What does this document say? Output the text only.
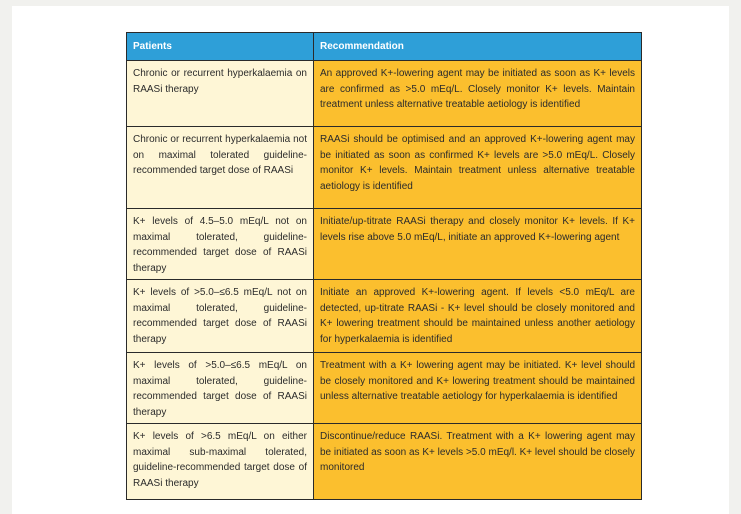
Patients	Recommendation
Chronic or recurrent hyperkalaemia on RAASi therapy	An approved K+-lowering agent may be initiated as soon as K+ levels are confirmed as >5.0 mEq/L. Closely monitor K+ levels. Maintain treatment unless alternative treatable aetiology is identified
Chronic or recurrent hyperkalaemia not on maximal tolerated guideline-recommended target dose of RAASi	RAASi should be optimised and an approved K+-lowering agent may be initiated as soon as confirmed K+ levels are >5.0 mEq/L. Closely monitor K+ levels. Maintain treatment unless alternative treatable aetiology is identified
K+ levels of 4.5–5.0 mEq/L not on maximal tolerated, guideline-recommended target dose of RAASi therapy	Initiate/up-titrate RAASi therapy and closely monitor K+ levels. If K+ levels rise above 5.0 mEq/L, initiate an approved K+-lowering agent
K+ levels of >5.0–≤6.5 mEq/L not on maximal tolerated, guideline-recommended target dose of RAASi therapy	Initiate an approved K+-lowering agent. If levels <5.0 mEq/L are detected, up-titrate RAASi - K+ level should be closely monitored and K+ lowering treatment should be maintained unless another aetiology for hyperkalaemia is identified
K+ levels of >5.0–≤6.5 mEq/L on maximal tolerated, guideline-recommended target dose of RAASi therapy	Treatment with a K+ lowering agent may be initiated. K+ level should be closely monitored and K+ lowering treatment should be maintained unless alternative treatable aetiology for hyperkalaemia is identified
K+ levels of >6.5 mEq/L on either maximal sub-maximal tolerated, guideline-recommended target dose of RAASi therapy	Discontinue/reduce RAASi. Treatment with a K+ lowering agent may be initiated as soon as K+ levels >5.0 mEq/l. K+ level should be closely monitored
